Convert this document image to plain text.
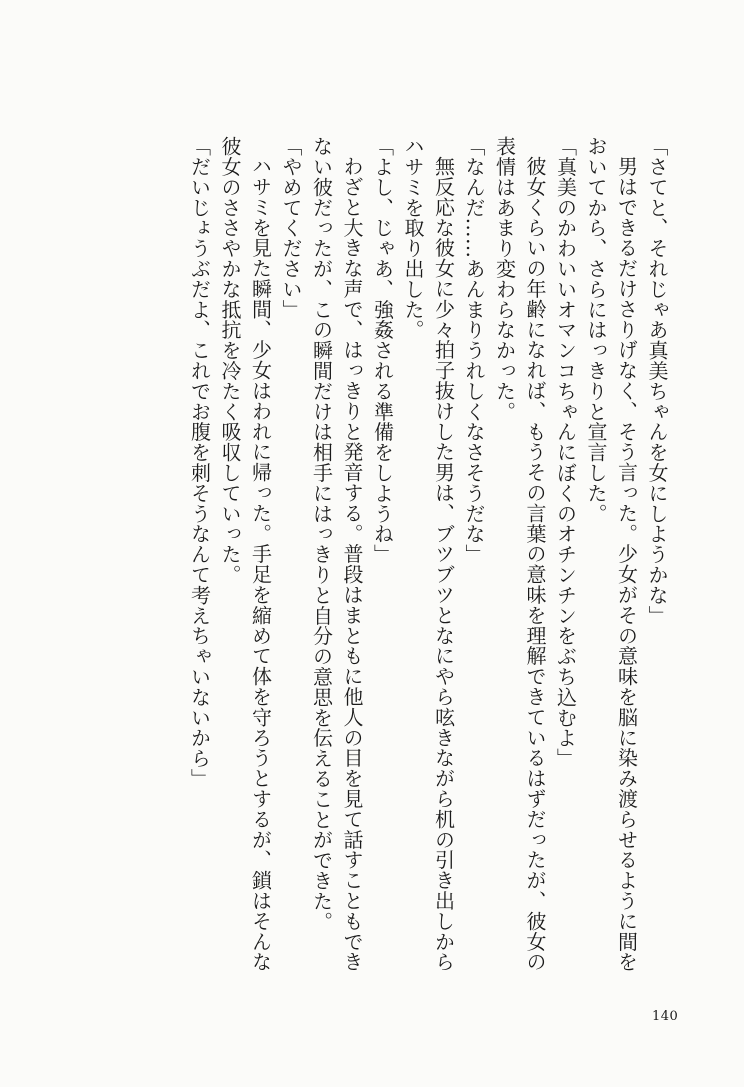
「さてと、それじゃあ真美ちゃんを女にしようかな」

男はできるだけさりげなく、そう言った。少女がその意味を脳に染み渡らせるように間をおいてから、さらにはっきりと宣言した。

「真美のかわいいオマンコちゃんにぼくのオチンチンをぶち込むよ」

彼女くらいの年齢になれば、もうその言葉の意味を理解できているはずだったが、彼女の表情はあまり変わらなかった。

「なんだ……あんまりうれしくなさそうだな」

無反応な彼女に少々拍子抜けした男は、ブツブツとなにやら呟きながら机の引き出しからハサミを取り出した。

「よし、じゃあ、強姦される準備をしようね」

わざと大きな声で、はっきりと発音する。普段はまともに他人の目を見て話すこともできない彼だったが、この瞬間だけは相手にはっきりと自分の意思を伝えることができた。

「やめてください」

ハサミを見た瞬間、少女はわれに帰った。手足を縮めて体を守ろうとするが、鎖はそんな彼女のささやかな抵抗を冷たく吸収していった。

「だいじょうぶだよ、これでお腹を刺そうなんて考えちゃいないから」

140
